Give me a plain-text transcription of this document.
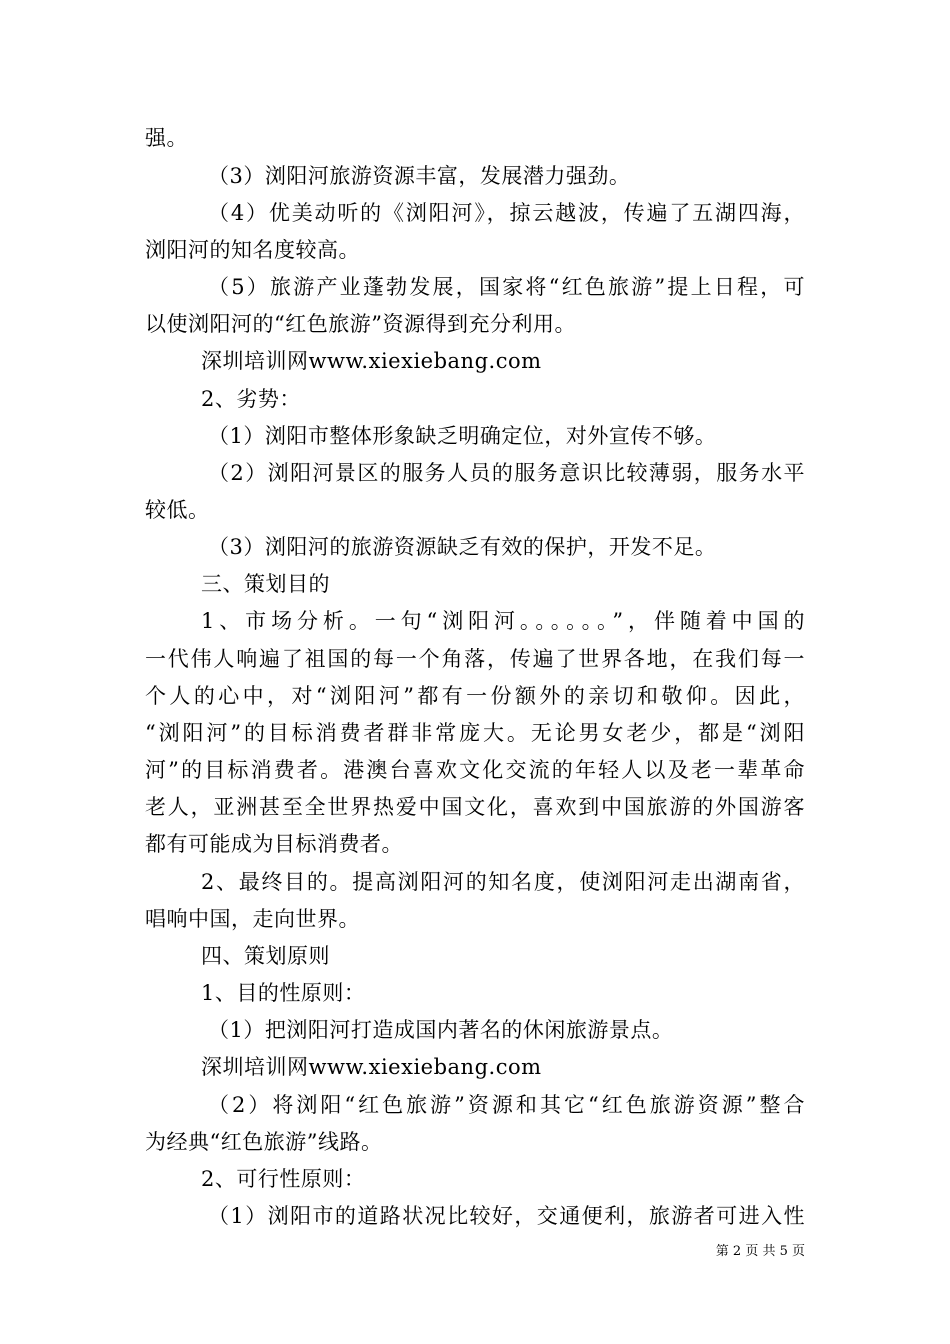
强。
（3）浏阳河旅游资源丰富，发展潜力强劲。
（4）优美动听的《浏阳河》，掠云越波，传遍了五湖四海，
浏阳河的知名度较高。
（5）旅游产业蓬勃发展，国家将“红色旅游”提上日程，可
以使浏阳河的“红色旅游”资源得到充分利用。
深圳培训网www.xiexiebang.com
2、劣势：
（1）浏阳市整体形象缺乏明确定位，对外宣传不够。
（2）浏阳河景区的服务人员的服务意识比较薄弱，服务水平
较低。
（3）浏阳河的旅游资源缺乏有效的保护，开发不足。
三、策划目的
1、市场分析。一句“浏阳河。。。。。。”，伴随着中国的
一代伟人响遍了祖国的每一个角落，传遍了世界各地，在我们每一
个人的心中，对“浏阳河”都有一份额外的亲切和敬仰。因此，
“浏阳河”的目标消费者群非常庞大。无论男女老少，都是“浏阳
河”的目标消费者。港澳台喜欢文化交流的年轻人以及老一辈革命
老人，亚洲甚至全世界热爱中国文化，喜欢到中国旅游的外国游客
都有可能成为目标消费者。
2、最终目的。提高浏阳河的知名度，使浏阳河走出湖南省，
唱响中国，走向世界。
四、策划原则
1、目的性原则：
（1）把浏阳河打造成国内著名的休闲旅游景点。
深圳培训网www.xiexiebang.com
（2）将浏阳“红色旅游”资源和其它“红色旅游资源”整合
为经典“红色旅游”线路。
2、可行性原则：
（1）浏阳市的道路状况比较好，交通便利，旅游者可进入性
第 2 页 共 5 页
